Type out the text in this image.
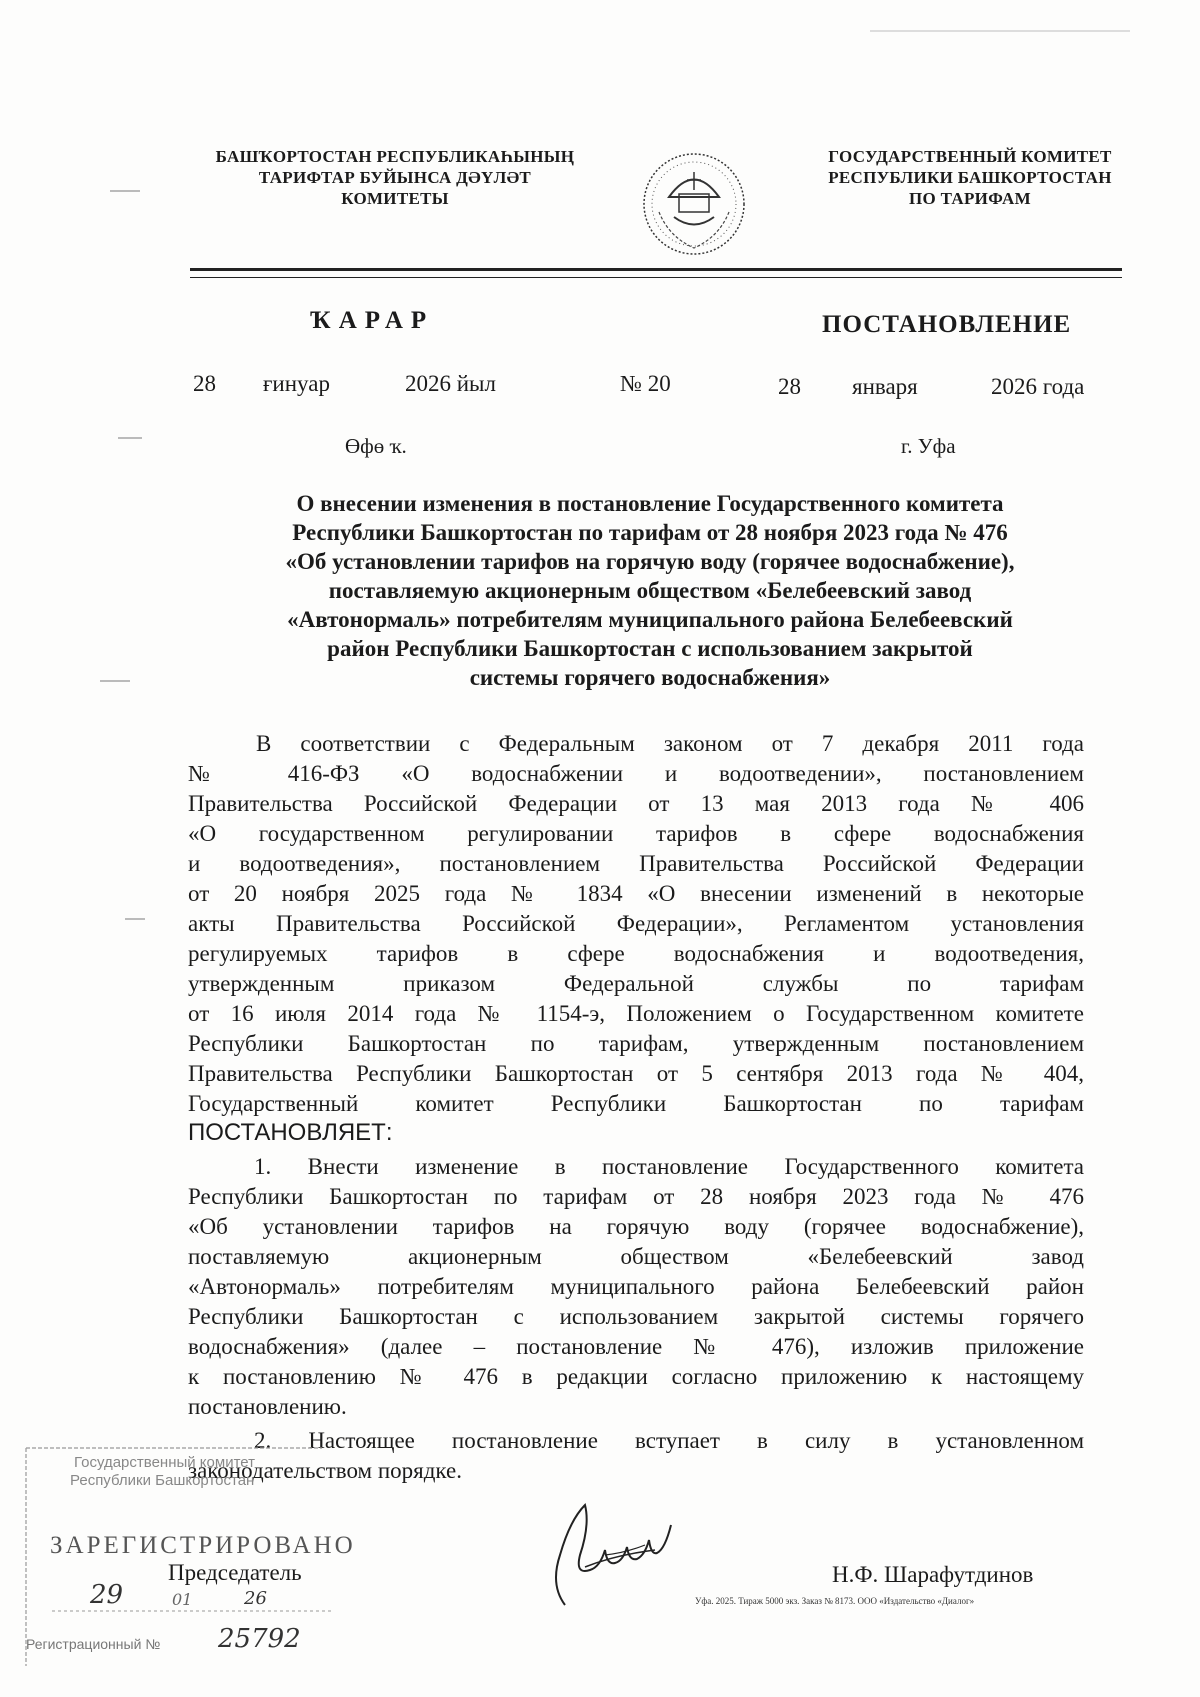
БАШҠОРТОСТАН РЕСПУБЛИКАҺЫНЫҢ
ТАРИФТАР БУЙЫНСА ДӘҮЛӘТ
КОМИТЕТЫ
ГОСУДАРСТВЕННЫЙ КОМИТЕТ
РЕСПУБЛИКИ БАШКОРТОСТАН
ПО ТАРИФАМ
ҠАРАР	ПОСТАНОВЛЕНИЕ
28 ғинуар	2026 йыл	№ 20	28 января	2026 года
Өфө ҡ.	г. Уфа
О внесении изменения в постановление Государственного комитета
Республики Башкортостан по тарифам от 28 ноября 2023 года № 476
«Об установлении тарифов на горячую воду (горячее водоснабжение),
поставляемую акционерным обществом «Белебеевский завод
«Автонормаль» потребителям муниципального района Белебеевский
район Республики Башкортостан с использованием закрытой
системы горячего водоснабжения»
В соответствии с Федеральным законом от 7 декабря 2011 года
№ 416-ФЗ «О водоснабжении и водоотведении», постановлением
Правительства Российской Федерации от 13 мая 2013 года № 406
«О государственном регулировании тарифов в сфере водоснабжения
и водоотведения», постановлением Правительства Российской Федерации
от 20 ноября 2025 года № 1834 «О внесении изменений в некоторые
акты Правительства Российской Федерации», Регламентом установления
регулируемых тарифов в сфере водоснабжения и водоотведения,
утвержденным приказом Федеральной службы по тарифам
от 16 июля 2014 года № 1154-э, Положением о Государственном комитете
Республики Башкортостан по тарифам, утвержденным постановлением
Правительства Республики Башкортостан от 5 сентября 2013 года № 404,
Государственный комитет Республики Башкортостан по тарифам
ПОСТАНОВЛЯЕТ:
1. Внести изменение в постановление Государственного комитета
Республики Башкортостан по тарифам от 28 ноября 2023 года № 476
«Об установлении тарифов на горячую воду (горячее водоснабжение),
поставляемую акционерным обществом «Белебеевский завод
«Автонормаль» потребителям муниципального района Белебеевский район
Республики Башкортостан с использованием закрытой системы горячего
водоснабжения» (далее – постановление № 476), изложив приложение
к постановлению № 476 в редакции согласно приложению к настоящему
постановлению.
2. Настоящее постановление вступает в силу в установленном
законодательством порядке.
Государственный комитет
Республики Башкортостан
ЗАРЕГИСТРИРОВАНО
29	01	26
Регистрационный № 25792
Председатель	Н.Ф. Шарафутдинов
Уфа. 2025. Тираж 5000 экз. Заказ № 8173. ООО «Издательство «Диалог»
